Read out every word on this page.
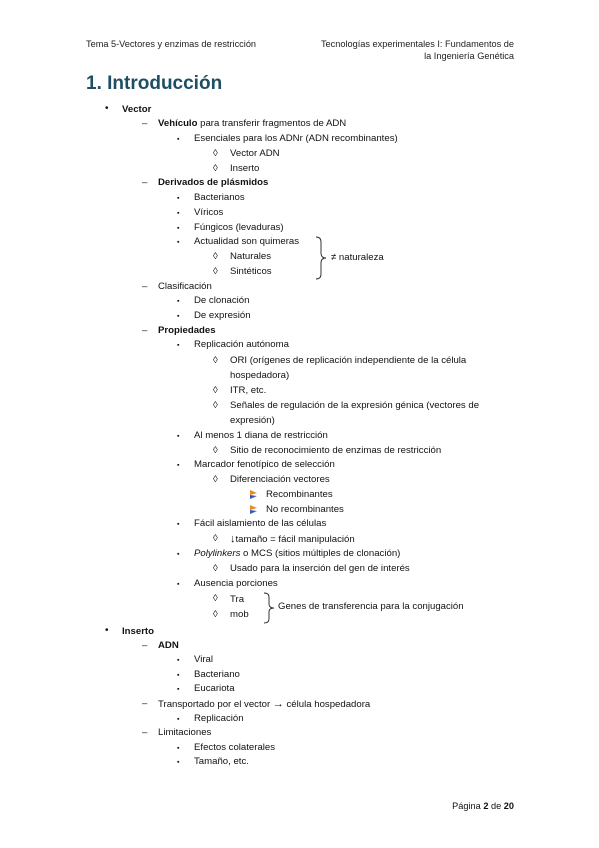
Tema 5-Vectores y enzimas de restricción	Tecnologías experimentales I: Fundamentos de
la Ingeniería Genética
1. Introducción
• Vector
– Vehículo para transferir fragmentos de ADN
▪ Esenciales para los ADNr (ADN recombinantes)
◊ Vector ADN
◊ Inserto
– Derivados de plásmidos
▪ Bacterianos
▪ Víricos
▪ Fúngicos (levaduras)
▪ Actualidad son quimeras
◊ Naturales
◊ Sintéticos
≠ naturaleza
– Clasificación
▪ De clonación
▪ De expresión
– Propiedades
▪ Replicación autónoma
◊ ORI (orígenes de replicación independiente de la célula
hospedadora)
◊ ITR, etc.
◊ Señales de regulación de la expresión génica (vectores de
expresión)
▪ Al menos 1 diana de restricción
◊ Sitio de reconocimiento de enzimas de restricción
▪ Marcador fenotípico de selección
◊ Diferenciación vectores
Recombinantes
No recombinantes
▪ Fácil aislamiento de las células
◊ ↓tamaño = fácil manipulación
▪ Polylinkers o MCS (sitios múltiples de clonación)
◊ Usado para la inserción del gen de interés
▪ Ausencia porciones
◊ Tra
◊ mob
Genes de transferencia para la conjugación
• Inserto
– ADN
▪ Viral
▪ Bacteriano
▪ Eucariota
– Transportado por el vector → célula hospedadora
▪ Replicación
– Limitaciones
▪ Efectos colaterales
▪ Tamaño, etc.
Página 2 de 20
